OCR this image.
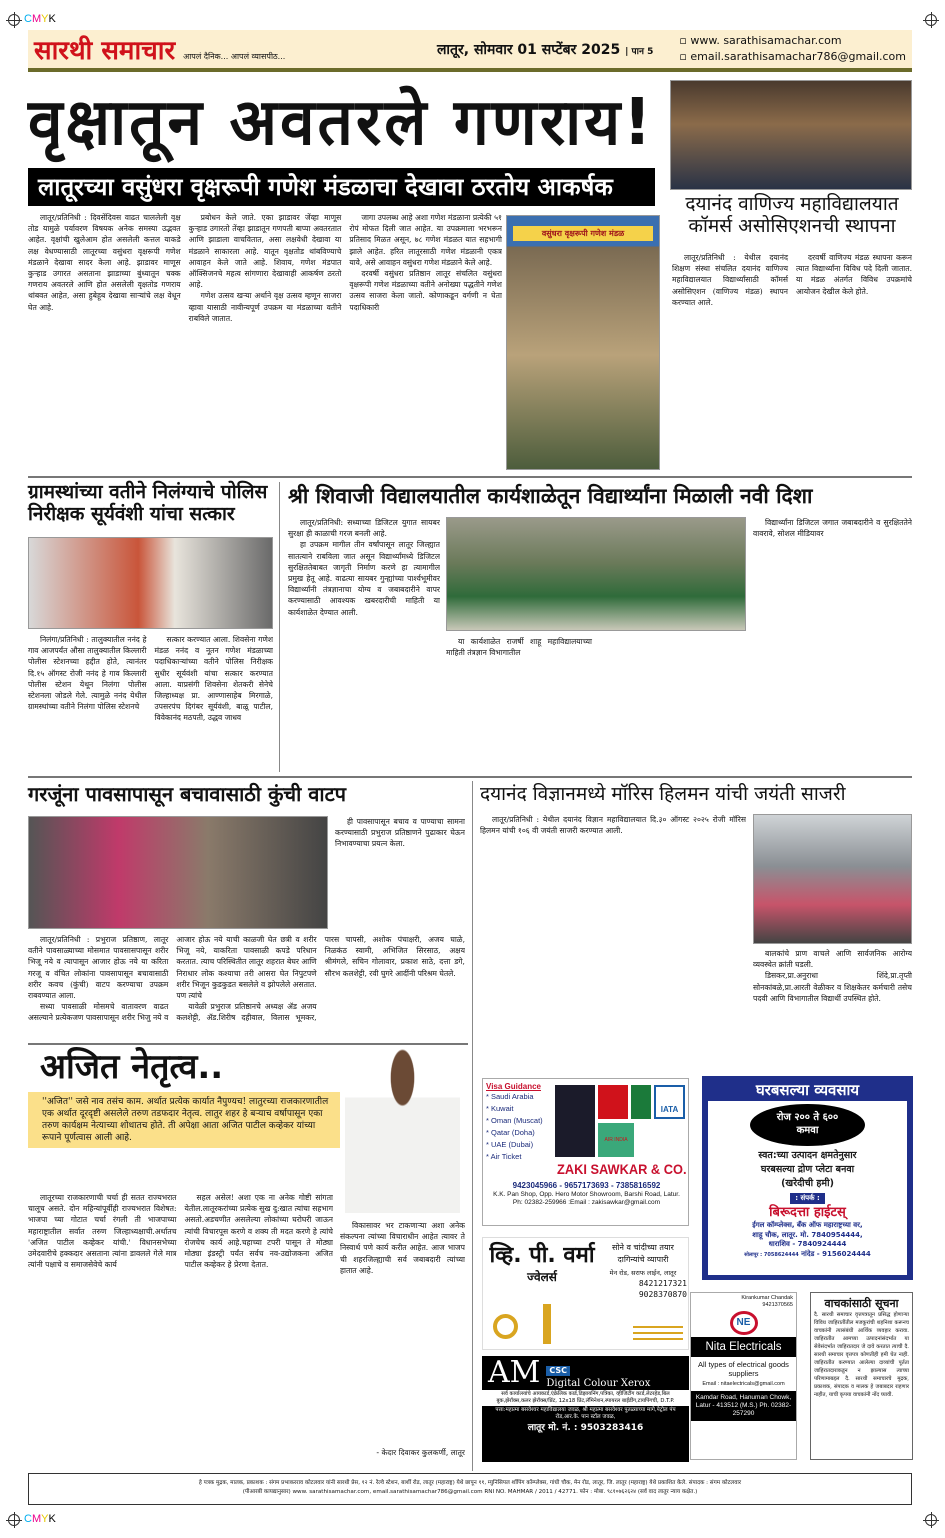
CMYK
CMYK
सारथी समाचार आपलं दैनिक... आपलं व्यासपीठ...	लातूर, सोमवार 01 सप्टेंबर 2025 | पान 5
▫ www. sarathisamachar.com
▫ email.sarathisamachar786@gmail.com
वृक्षातून अवतरले गणराय!
लातूरच्या वसुंधरा वृक्षरूपी गणेश मंडळाचा देखावा ठरतोय आकर्षक

लातूर/प्रतिनिधी : दिवसेंदिवस वाढत चाललेली वृक्ष तोड यामुळे पर्यावरण विषयक अनेक समस्या उद्भवत आहेत. वृक्षांची खुलेआम होत असलेली कत्तल याकडे लक्ष वेधण्यासाठी लातूरच्या वसुंधरा वृक्षरूपी गणेश मंडळाने देखावा सादर केला आहे. झाडावर माणूस कुऱ्हाड उगारत असताना झाडाच्या बुंध्यातून चक्क गणराय अवतरले आणि होत असलेली वृक्षतोड गणराय थांबवत आहेत, असा हुबेहूब देखावा सार्‍यांचे लक्ष वेधून घेत आहे.

प्रबोधन केले जाते. एका झाडावर जेंव्हा माणूस कुऱ्हाड उगारतो तेंव्हा झाडातून गणपती बाप्पा अवतरतात आणि झाडाला वाचवितात, असा लक्षवेधी देखावा या मंडळाने साकारला आहे. यातून वृक्षतोड थांबविण्याचे आवाहन केले जाते आहे. शिवाय, गणेश मंडपात ऑक्सिजनचे महत्व सांगणारा देखावाही आकर्षण ठरतो आहे.

गणेश उत्सव खऱ्या अर्थाने वृक्ष उत्सव म्हणून साजरा व्हावा यासाठी नावीन्यपूर्ण उपक्रम या मंडळाच्या वतीने राबविले जातात.

जागा उपलब्ध आहे अशा गणेश मंडळाना प्रत्येकी ५१ रोपं मोफत दिली जात आहेत. या उपक्रमाला भरभरून प्रतिसाद मिळत असून, ७८ गणेश मंडळत यात सहभागी झाले आहेत. हरित लातूरसाठी गणेश मंडळानी एकत्र यावे, असे आवाहन वसुंधरा गणेश मंडळाने केले आहे.

दरवर्षी वसुंधरा प्रतिष्ठान लातूर संचलित वसुंधरा वृक्षरूपी गणेश मंडळाच्या वतीने अनोख्या पद्धतीने गणेश उत्सव साजरा केला जातो. कोणाकडून वर्गणी न घेता पदाधिकारी

वसुंधरा वृक्षरूपी गणेश मंडळ
दयानंद वाणिज्य महाविद्यालयात कॉमर्स असोसिएशनची स्थापना

लातूर/प्रतिनिधी : येथील दयानंद शिक्षण संस्था संचलित दयानंद वाणिज्य महाविद्यालयात विद्यार्थ्यांसाठी कॉमर्स असोसिएशन (वाणिज्य मंडळ) स्थापन करण्यात आले.

दरवर्षी वाणिज्य मंडळ स्थापना करून त्यात विद्यार्थ्यांना विविध पदे दिली जातात. या मंडळ अंतर्गत विविध उपक्रमांचे आयोजन देखील केले होते.

ग्रामस्थांच्या वतीने निलंग्याचे पोलिस निरीक्षक सूर्यवंशी यांचा सत्कार

निलंगा/प्रतिनिधी : तालुक्यातील ननंद हे गाव आजपर्यंत औसा तालुक्यातील किल्लारी पोलीस स्टेशनच्या हद्दीत होते, त्यानंतर दि.१५ ऑगस्ट रोजी ननंद हे गाव किल्लारी पोलीस स्टेशन येथून निलंगा पोलीस स्टेशनला जोडले गेले. त्यामुळे ननंद येथील ग्रामस्थांच्या वतीने निलंगा पोलिस स्टेशनचे

सत्कार करण्यात आला. शिवसेना गणेश मंडळ ननंद व नूतन गणेश मंडळाच्या पदाधिकाऱ्यांच्या वतीने पोलिस निरीक्षक सुधीर सूर्यवंशी यांचा सत्कार करण्यात आला. याप्रसंगी शिवसेना शेतकरी सेनेचे जिल्हाध्यक्ष प्रा. आण्णासाहेब मिरगाळे, उपसरपंच दिगंबर सूर्यवंशी, बाळू पाटील, विवेकानंद मठपती, उद्धव जाधव

श्री शिवाजी विद्यालयातील कार्यशाळेतून विद्यार्थ्यांना मिळाली नवी दिशा

लातूर/प्रतिनिधी: सध्याच्या डिजिटल युगात सायबर सुरक्षा ही काळाची गरज बनली आहे.

हा उपक्रम मागील तीन वर्षांपासून लातूर जिल्ह्यात सातत्याने राबविला जात असून विद्यार्थ्यांमध्ये डिजिटल सुरक्षिततेबाबत जागृती निर्माण करणे हा त्यामागील प्रमुख हेतू आहे. वाढत्या सायबर गुन्ह्यांच्या पार्श्वभूमीवर विद्यार्थ्यांनी तंत्रज्ञानाचा योग्य व जबाबदारीने वापर करण्यासाठी आवश्यक खबरदारीची माहिती या कार्यशाळेत देण्यात आली.

या कार्यशाळेत राजर्षी शाहू महाविद्यालयाच्या माहिती तंत्रज्ञान विभागातील

विद्यार्थ्यांना डिजिटल जगात जबाबदारीने व सुरक्षिततेने वावरावे, सोशल मीडियावर

गरजूंना पावसापासून बचावासाठी कुंची वाटप

ही पावसापासून बचाव व पाण्याचा सामना करण्यासाठी प्रभुराज प्रतिष्ठाणने पुढाकार घेऊन निभावण्याचा प्रयत्न केला.

लातूर/प्रतिनिधी : प्रभुराज प्रतिष्ठाण, लातूर वतीने पावसाळ्याच्या मोसमात पावसासपासून शरीर भिजू नये व त्यापासून आजार होऊ नये या करिता गरजू व वंचित लोकांना पावसापासून बचावासाठी शरीर कवच (कुंची) वाटप करण्याचा उपक्रम राबवण्यात आला.

सध्या पावसाळी मोसमचे वातावरण वाढत असल्याने प्रत्येकजण पावसापासून शरीर भिजु नये व आजार होऊ नये याची काळजी घेत छत्री व शरीर भिजू नये, याकरिता पावसाळी कपडे परिधान करतात. त्याच परिस्थितीत लातूर शहरात बेघर आणि निराधार लोक कश्याचा तरी आसरा घेत निपुटपणे शरीर भिजून कुडकुडत बसलेले व झोपलेले असतात. पण त्यांचे

यावेळी प्रभुराज प्रतिष्ठानचे अध्यक्ष ॲड अजय कलशेट्टी, ॲड.शिरीष दहीवाल, विलास भूमकर, पारस चापसी, अशोक पंचाक्षरी, अजय घाळे, निळकंठ स्वामी, अभिजित सिरसाठ, अक्षय श्रीमंगले, सचिन गोलावार, प्रकाश साठे, दत्ता डगे, सौरभ कलशेट्टी, रवी घुगरे आदींनी परिश्रम घेतले.

दयानंद विज्ञानमध्ये मॉरिस हिलमन यांची जयंती साजरी

लातूर/प्रतिनिधी : येथील दयानंद विज्ञान महाविद्यालयात दि.३० ऑगस्ट २०२५ रोजी मॉरिस हिलमन यांची १०६ वी जयंती साजरी करण्यात आली.

बालकांचे प्राण वाचले आणि सार्वजनिक आरोग्य व्यवस्थेत क्रांती घडली.

डिसकर,प्रा.अनुराधा शिंदे,प्रा.तृप्ती सोनकांबळे,प्रा.आरती वेळीकर व शिक्षकेतर कर्मचारी तसेच पदवी आणि विभागातील विद्यार्थी उपस्थित होते.

अजित नेतृत्व..
''अजित'' जसे नाव तसंच काम. अर्थात प्रत्येक कार्यात नैपुण्यच! लातुरच्या राजकारणातील एक अर्थात दूरदृष्टी असलेले तरुण तडफदार नेतृत्व. लातुर शहर हे बऱ्याच वर्षापासून एका तरुण कार्यक्षम नेत्याच्या शोधातच होते. ती अपेक्षा आता अजित पाटील कव्हेकर यांच्या रूपाने पूर्णत्वास आली आहे.

लातूरच्या राजकारणाची चर्चा ही सतत राज्यभरात चालूच असते. दोन महिन्यांपूर्वीही राज्यभरात विशेषत: भाजपा च्या गोटात चर्चा रंगली ती भाजपाच्या महाराष्ट्रातील सर्वात तरुण जिल्हाध्यक्षाची.अर्थातच 'अजित पाटील कव्हेकर यांची.' विधानसभेच्या उमेदवारीचे हक्कदार असताना त्यांना डावलले गेले मात्र त्यांनी पक्षाचे व समाजसेवेचे कार्य

सहल असेल! अशा एक ना अनेक गोष्टी सांगता येतील.लातूरकरांच्या प्रत्येक सुख दु:खात त्यांचा सहभाग असतो.अडचणीत असलेल्या लोकांच्या घरोघरी जाऊन त्यांची विचारपूस करणे व शक्य ती मदत करणे हे त्यांचे रोजचेच कार्य आहे.चहाच्या टपरी पासून ते मोठ्या मोठ्या इंडस्ट्री पर्यंत सर्वच नव-उद्योजकना अजित पाटील कव्हेकर हे प्रेरणा देतात.

विकासावर भर टाकणाऱ्या अशा अनेक संकल्पना त्यांच्या विचाराधीन आहेत त्यावर ते निस्वार्थ पणे कार्य करीत आहेत. आज भाजप ची शहरजिल्ह्याची सर्व जबाबदारी त्यांच्या हातात आहे.

- केदार दिवाकर कुलकर्णी, लातूर
Visa Guidance
* Saudi Arabia
* Kuwait
* Oman (Muscat)
* Qatar (Doha)
* UAE (Dubai)
* Air Ticket
IATA
AIR INDIA
ZAKI SAWKAR & CO.
9423045966 - 9657173693 - 7385816592
K.K. Pan Shop, Opp. Hero Motor Showroom, Barshi Road, Latur.
Ph: 02382-259966 :Email : zakisawkar@gmail.com
घरबसल्या व्यवसाय
रोज २०० ते ६०० कमवा
स्वत:च्या उत्पादन क्षमतेनुसार
घरबसल्या द्रोण प्लेटा बनवा
(खरेदीची हमी)
: संपर्क :
बिरूदत्ता हाईटस्
ईगल कॉम्प्लेक्स, बँक ऑफ महाराष्ट्रच्या वर,
शाहू चौक, लातूर. मो. 7840954444,
धाराशिव - 7840924444
सोलापूर : 7058624444 नांदेड - 9156024444
व्हि. पी. वर्मा
ज्वेलर्स
सोने व चांदीच्या तयार
दागिन्यांचे व्यापारी
मेन रोड, सराफ लाईन, लातूर
8421217321
9028370870
AM	CSC
Digital Colour Xerox
सर्व कार्यालयांचे आयकार्ड,एंक्रेलिक कार्ड,डिझायनिंग,पत्रिका, व्हीजिटींग कार्ड,लेटरहेड,बिल बुक,झेरॉक्स,कलर झेरॉक्स/प्रिंट, 12x18 प्रिंट,लॅमिनेशन,स्पायरल बाईंडींग,टायपिंगची, D.T.P.
पत्ता:महात्मा बसवेश्वर महाविद्यालया जवळ, श्री महात्मा बसवेश्वर पुतळ्याच्या मागे,पेट्रोल पंप रोड,आर.के. पान स्टॉल जवळ,
लातूर मो. नं. : 9503283416
Kirankumar Chandak
9421370565
NE
Nita Electricals
All types of electrical goods suppliers
Email : nitaelectricals@gmail.com
Kamdar Road, Hanuman Chowk, Latur - 413512 (M.S.) Ph. 02382-257290
वाचकांसाठी सूचना
दै. सारथी समाचार वृत्तपत्रातून प्रसिद्ध होणाऱ्या विविध जाहिरातींतील मजकुरांची शहनिशा करूनच वाचकांनी त्यासंबंधी आर्थिक व्यवहार करावा. जाहिरातीत आमच्या उत्पादनांसंदर्भात या सेवेसंदर्भात जाहिरातदार जे दावे करतात त्याची दै. सारथी समाचार वृत्तपत्र कोणतीही हमी घेत नाही. जाहिरातीत करण्यात आलेल्या दाव्यांची पूर्तता जाहिरातदाराकडून न झाल्यास त्याच्या परिणामाबद्दल दै. सारथी समाचारचे मुद्रक, प्रकाशक, संपादक व मालक हे जबाबदार राहणार नाहीत, याची कृपया वाचकांनी नोंद घ्यावी.
हे पत्रक मुद्रक, मालक, प्रकाशक : संगम प्रभाकरराव कोटलवार यांनी सारथी प्रेस, १२ नं. रेल्वे स्टेशन, बार्शी रोड, लातूर (महाराष्ट्र) येथे छापून ११, म्युनिसिपल शॉपिंग कॉम्प्लेक्स, गांधी चौक, मेन रोड, लातूर, जि. लातूर (महाराष्ट्र) येथे प्रकाशित केले. संपादक : संगम कोटलवार
(पीआरबी कायद्यानुसार) www. sarathisamachar.com, email.sarathisamachar786@gmail.com RNI NO. MAHMAR / 2011 / 42771. फोन : मोबा. ९८१०७६२६२४ (सर्व वाद लातूर न्याय कक्षेत.)
